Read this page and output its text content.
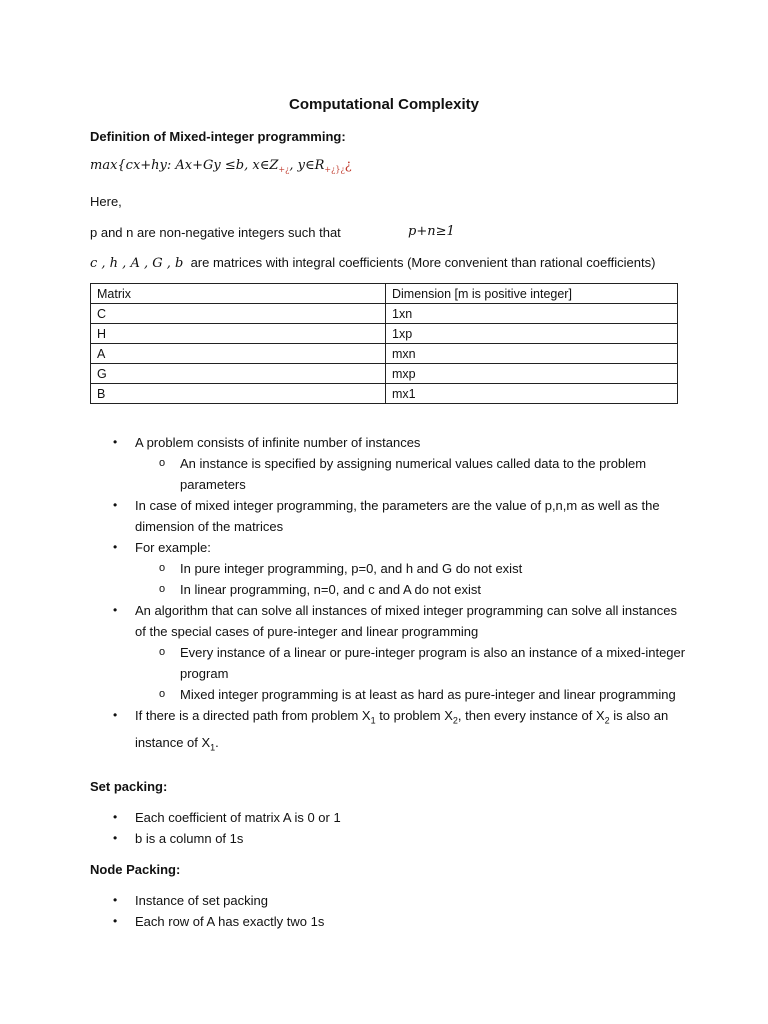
Computational Complexity
Definition of Mixed-integer programming:
max{cx+hy: Ax+Gy ≤b, $x\in Z_{+¿}$, $y\in R_{+¿\}¿}¿$
Here,
p and n are non-negative integers such that	p+n≥1
c , h , A , G , b are matrices with integral coefficients (More convenient than rational coefficients)
Matrix	Dimension [m is positive integer]
C	1xn
H	1xp
A	mxn
G	mxp
B	mx1
• A problem consists of infinite number of instances
o An instance is specified by assigning numerical values called data to the problem parameters
• In case of mixed integer programming, the parameters are the value of p,n,m as well as the dimension of the matrices
• For example:
o In pure integer programming, p=0, and h and G do not exist
o In linear programming, n=0, and c and A do not exist
• An algorithm that can solve all instances of mixed integer programming can solve all instances of the special cases of pure-integer and linear programming
o Every instance of a linear or pure-integer program is also an instance of a mixed-integer program
o Mixed integer programming is at least as hard as pure-integer and linear programming
• If there is a directed path from problem $X_1$ to problem $X_2$, then every instance of $X_2$ is also an instance of $X_1$.
Set packing:
• Each coefficient of matrix A is 0 or 1
• b is a column of 1s
Node Packing:
• Instance of set packing
• Each row of A has exactly two 1s
